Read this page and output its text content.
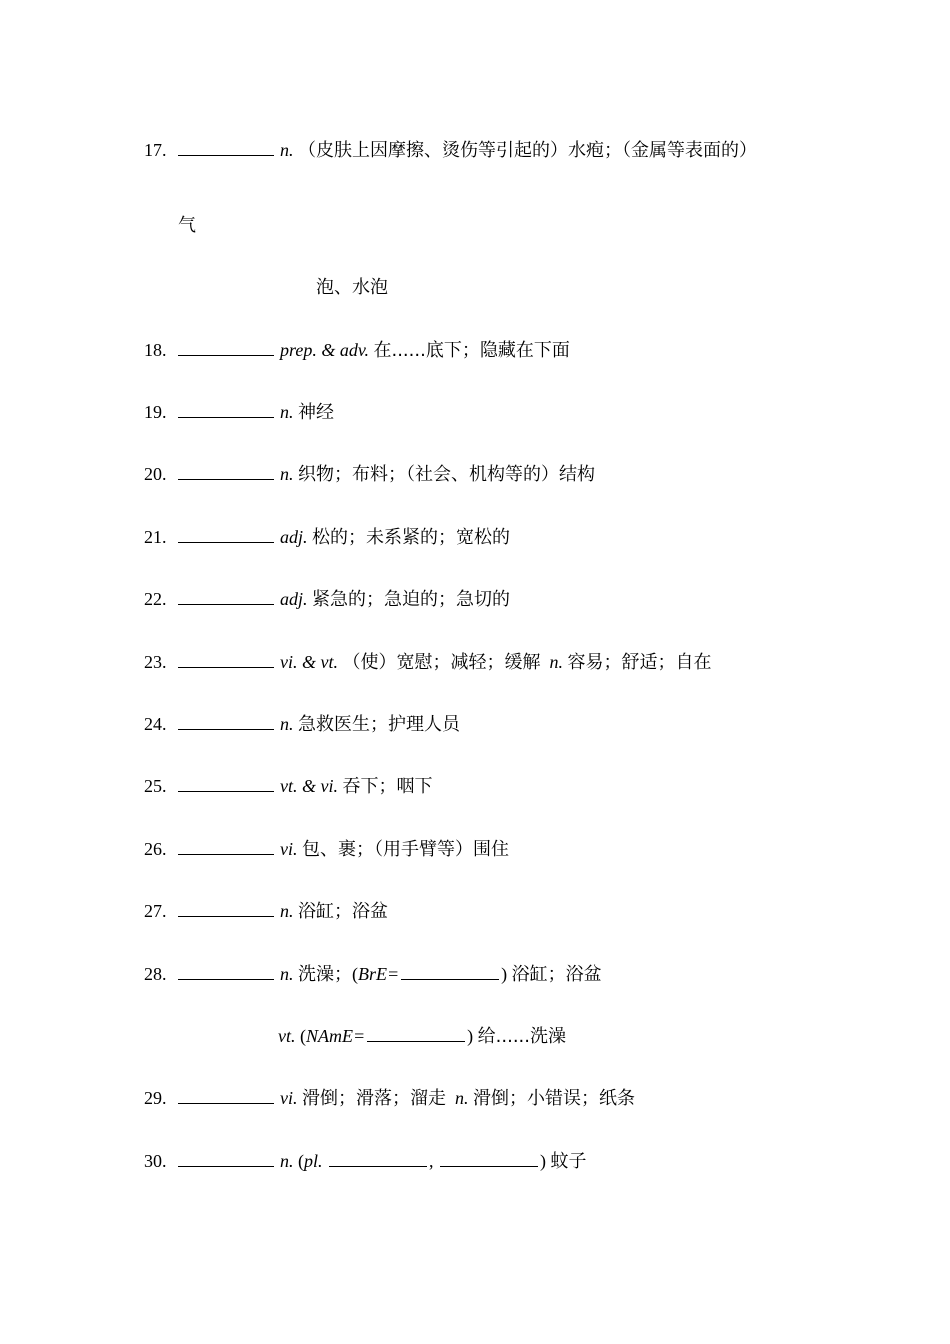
17.	n. （皮肤上因摩擦、烫伤等引起的）水疱；（金属等表面的）
气
泡、水泡
18.	prep. & adv. 在......底下；隐藏在下面
19.	n. 神经
20.	n. 织物；布料；（社会、机构等的）结构
21.	adj. 松的；未系紧的；宽松的
22.	adj. 紧急的；急迫的；急切的
23.	vi. & vt. （使）宽慰；减轻；缓解 n. 容易；舒适；自在
24.	n. 急救医生；护理人员
25.	vt. & vi. 吞下；咽下
26.	vi. 包、裹；（用手臂等）围住
27.	n. 浴缸；浴盆
28.	n. 洗澡；(BrE=	) 浴缸；浴盆
vt. (NAmE=	) 给......洗澡
29.	vi. 滑倒；滑落；溜走 n. 滑倒；小错误；纸条
30.	n. (pl.	,	) 蚊子
